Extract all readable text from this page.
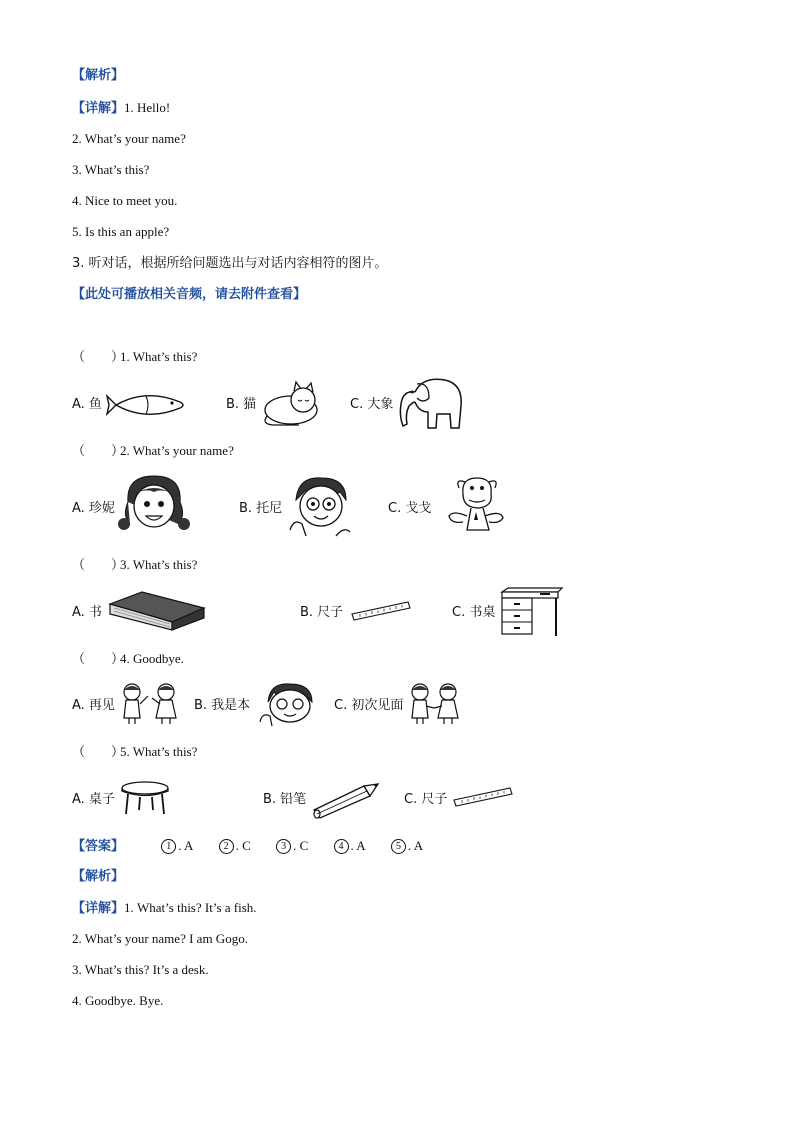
【解析】
【详解】1. Hello!
2. What’s your name?
3. What’s this?
4. Nice to meet you.
5. Is this an apple?
3. 听对话，根据所给问题选出与对话内容相符的图片。
【此处可播放相关音频，请去附件查看】
（　　）1. What’s this?
A. 鱼	B. 猫	C. 大象
（　　）2. What’s your name?
A. 珍妮	B. 托尼	C. 戈戈
（　　）3. What’s this?
A. 书	B. 尺子	C. 书桌
（　　）4. Goodbye.
A. 再见	B. 我是本	C. 初次见面
（　　）5. What’s this?
A. 桌子	B. 铅笔	C. 尺子
【答案】	1 . A	2 . C	3 . C	4 . A	5 . A
【解析】
【详解】1. What’s this? It’s a fish.
2. What’s your name? I am Gogo.
3. What’s this? It’s a desk.
4. Goodbye. Bye.
